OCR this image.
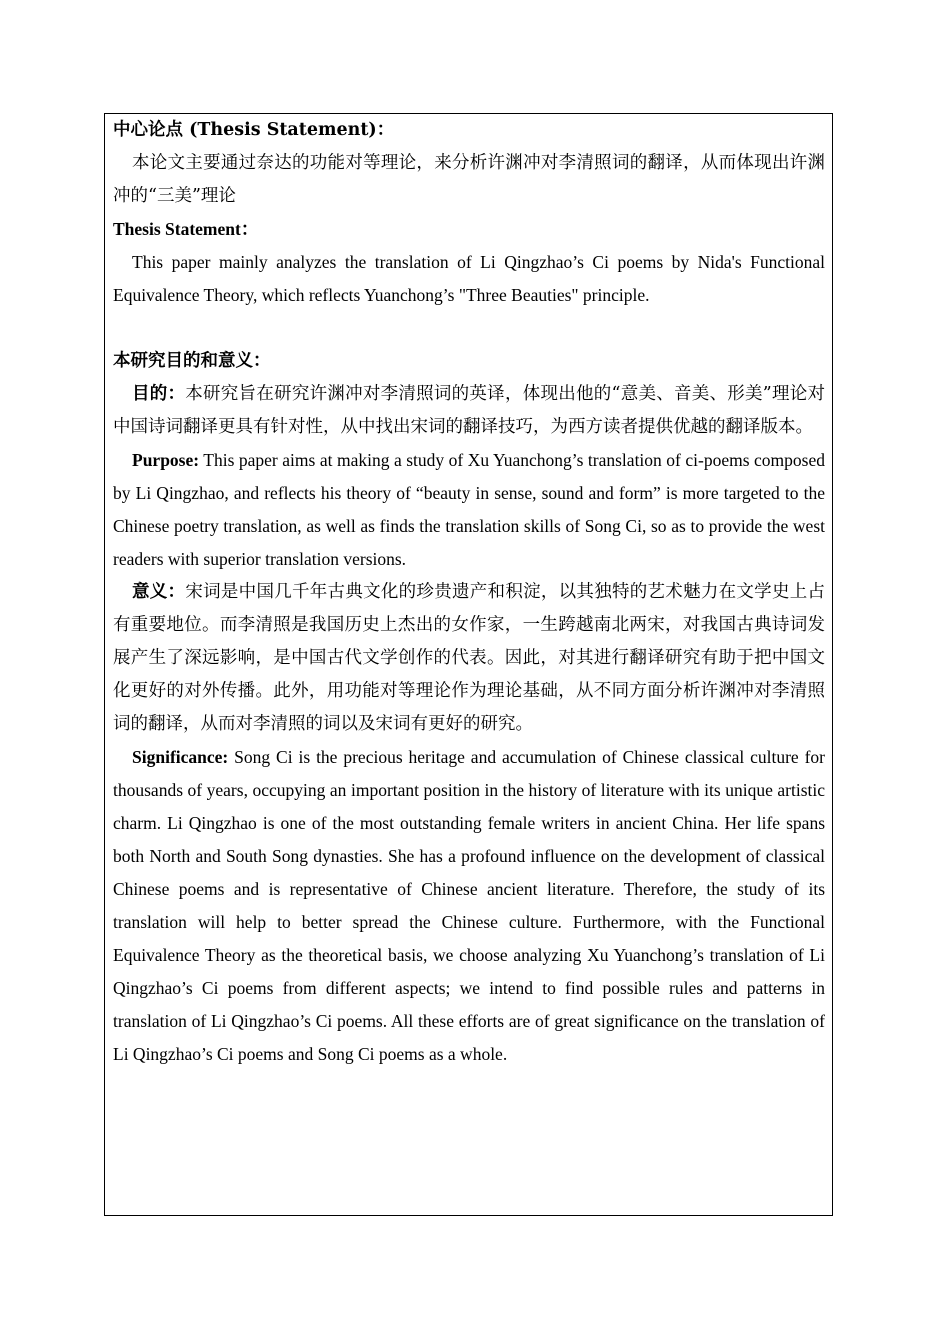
中心论点 (Thesis Statement)：

本论文主要通过奈达的功能对等理论，来分析许渊冲对李清照词的翻译，从而体现出许渊冲的“三美”理论

Thesis Statement：

This paper mainly analyzes the translation of Li Qingzhao’s Ci poems by Nida's Functional Equivalence Theory, which reflects Yuanchong’s "Three Beauties" principle.

本研究目的和意义：

目的：本研究旨在研究许渊冲对李清照词的英译，体现出他的“意美、音美、形美”理论对中国诗词翻译更具有针对性，从中找出宋词的翻译技巧，为西方读者提供优越的翻译版本。

Purpose: This paper aims at making a study of Xu Yuanchong’s translation of ci-poems composed by Li Qingzhao, and reflects his theory of “beauty in sense, sound and form” is more targeted to the Chinese poetry translation, as well as finds the translation skills of Song Ci, so as to provide the west readers with superior translation versions.

意义：宋词是中国几千年古典文化的珍贵遗产和积淀，以其独特的艺术魅力在文学史上占有重要地位。而李清照是我国历史上杰出的女作家，一生跨越南北两宋，对我国古典诗词发展产生了深远影响，是中国古代文学创作的代表。因此，对其进行翻译研究有助于把中国文化更好的对外传播。此外，用功能对等理论作为理论基础，从不同方面分析许渊冲对李清照词的翻译，从而对李清照的词以及宋词有更好的研究。

Significance: Song Ci is the precious heritage and accumulation of Chinese classical culture for thousands of years, occupying an important position in the history of literature with its unique artistic charm. Li Qingzhao is one of the most outstanding female writers in ancient China. Her life spans both North and South Song dynasties. She has a profound influence on the development of classical Chinese poems and is representative of Chinese ancient literature. Therefore, the study of its translation will help to better spread the Chinese culture. Furthermore, with the Functional Equivalence Theory as the theoretical basis, we choose analyzing Xu Yuanchong’s translation of Li Qingzhao’s Ci poems from different aspects; we intend to find possible rules and patterns in translation of Li Qingzhao’s Ci poems. All these efforts are of great significance on the translation of Li Qingzhao’s Ci poems and Song Ci poems as a whole.
